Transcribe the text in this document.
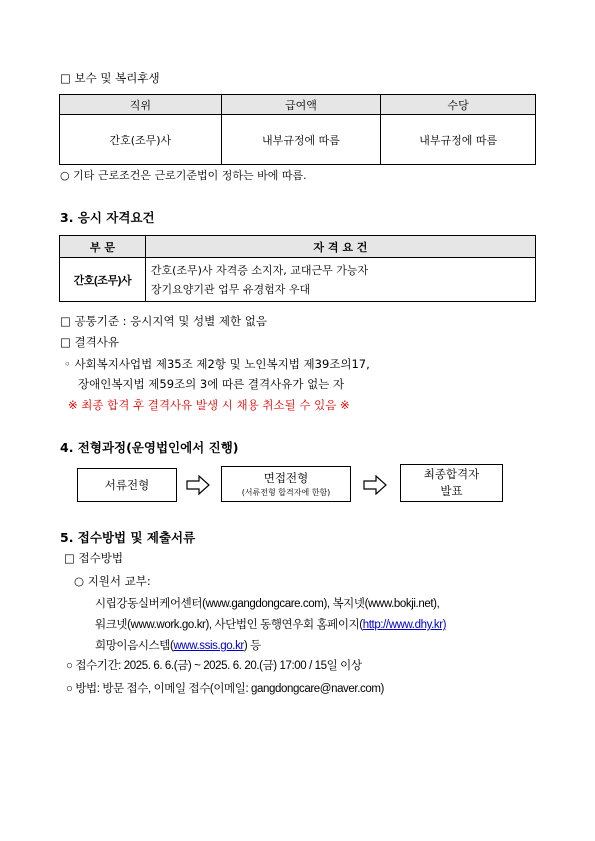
□ 보수 및 복리후생
직위	급여액	수당
간호(조무)사	내부규정에 따름	내부규정에 따름
○ 기타 근로조건은 근로기준법이 정하는 바에 따름.
3. 응시 자격요건
부 문	자 격 요 건
간호(조무)사	간호(조무)사 자격증 소지자, 교대근무 가능자
장기요양기관 업무 유경험자 우대
□ 공통기준 : 응시지역 및 성별 제한 없음
□ 결격사유
◦ 사회복지사업법 제35조 제2항 및 노인복지법 제39조의17,
장애인복지법 제59조의 3에 따른 결격사유가 없는 자
※ 최종 합격 후 결격사유 발생 시 채용 취소될 수 있음 ※
4. 전형과정(운영법인에서 진행)
서류전형	면접전형
(서류전형 합격자에 한함)
최종합격자
발표
5. 접수방법 및 제출서류
□ 접수방법
○ 지원서 교부:
시립강동실버케어센터(www.gangdongcare.com), 복지넷(www.bokji.net),
워크넷(www.work.go.kr), 사단법인 동행연우회 홈페이지(http://www.dhy.kr)
희망이음시스템(www.ssis.go.kr) 등
○ 접수기간: 2025. 6. 6.(금) ~ 2025. 6. 20.(금) 17:00 / 15일 이상
○ 방법: 방문 접수, 이메일 접수(이메일: gangdongcare@naver.com)
